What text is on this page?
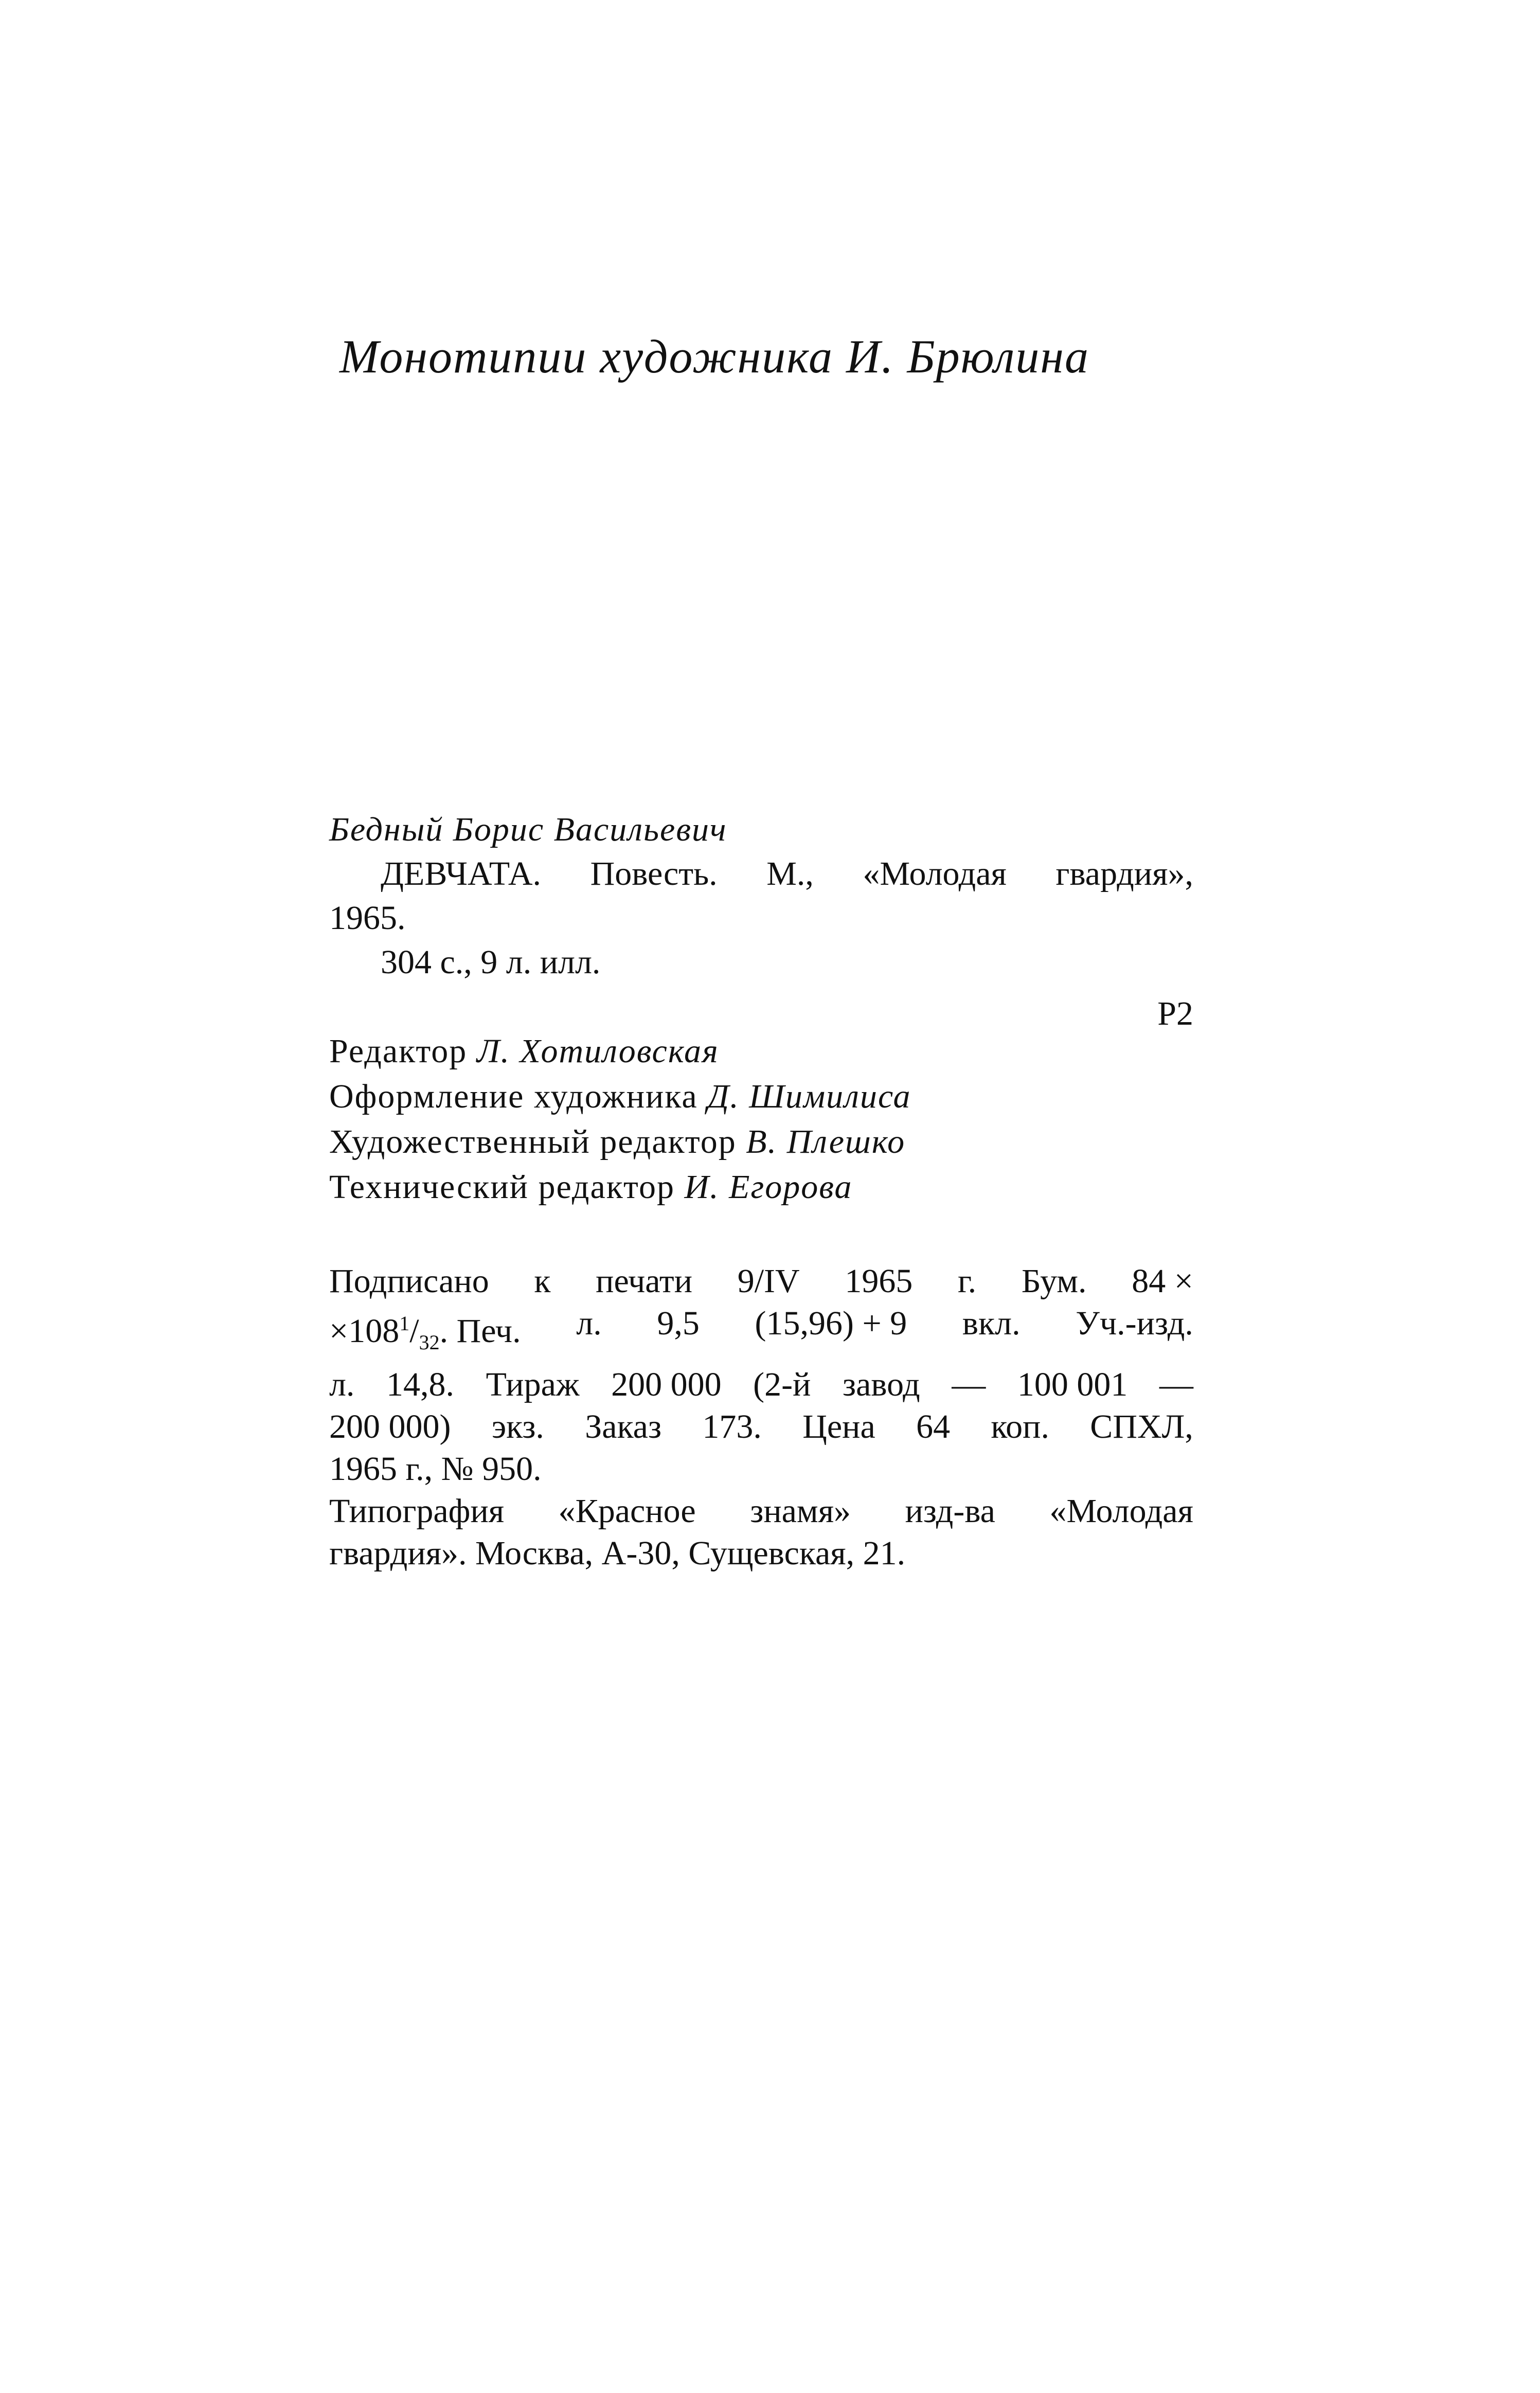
Монотипии художника И. Брюлина
Бедный Борис Васильевич
ДЕВЧАТА. Повесть. М., «Молодая гвардия»,
1965.
304 с., 9 л. илл.
Р2
Редактор Л. Хотиловская
Оформление художника Д. Шимилиса
Художественный редактор В. Плешко
Технический редактор И. Егорова
Подписано к печати 9/IV 1965 г. Бум. 84 ×
$\times 108^1/_{32}$. Печ. л. 9,5 (15,96) + 9 вкл. Уч.-изд.
л. 14,8. Тираж 200 000 (2-й завод — 100 001 —
200 000) экз. Заказ 173. Цена 64 коп. СПХЛ,
1965 г., № 950.
Типография «Красное знамя» изд-ва «Молодая
гвардия». Москва, А-30, Сущевская, 21.
